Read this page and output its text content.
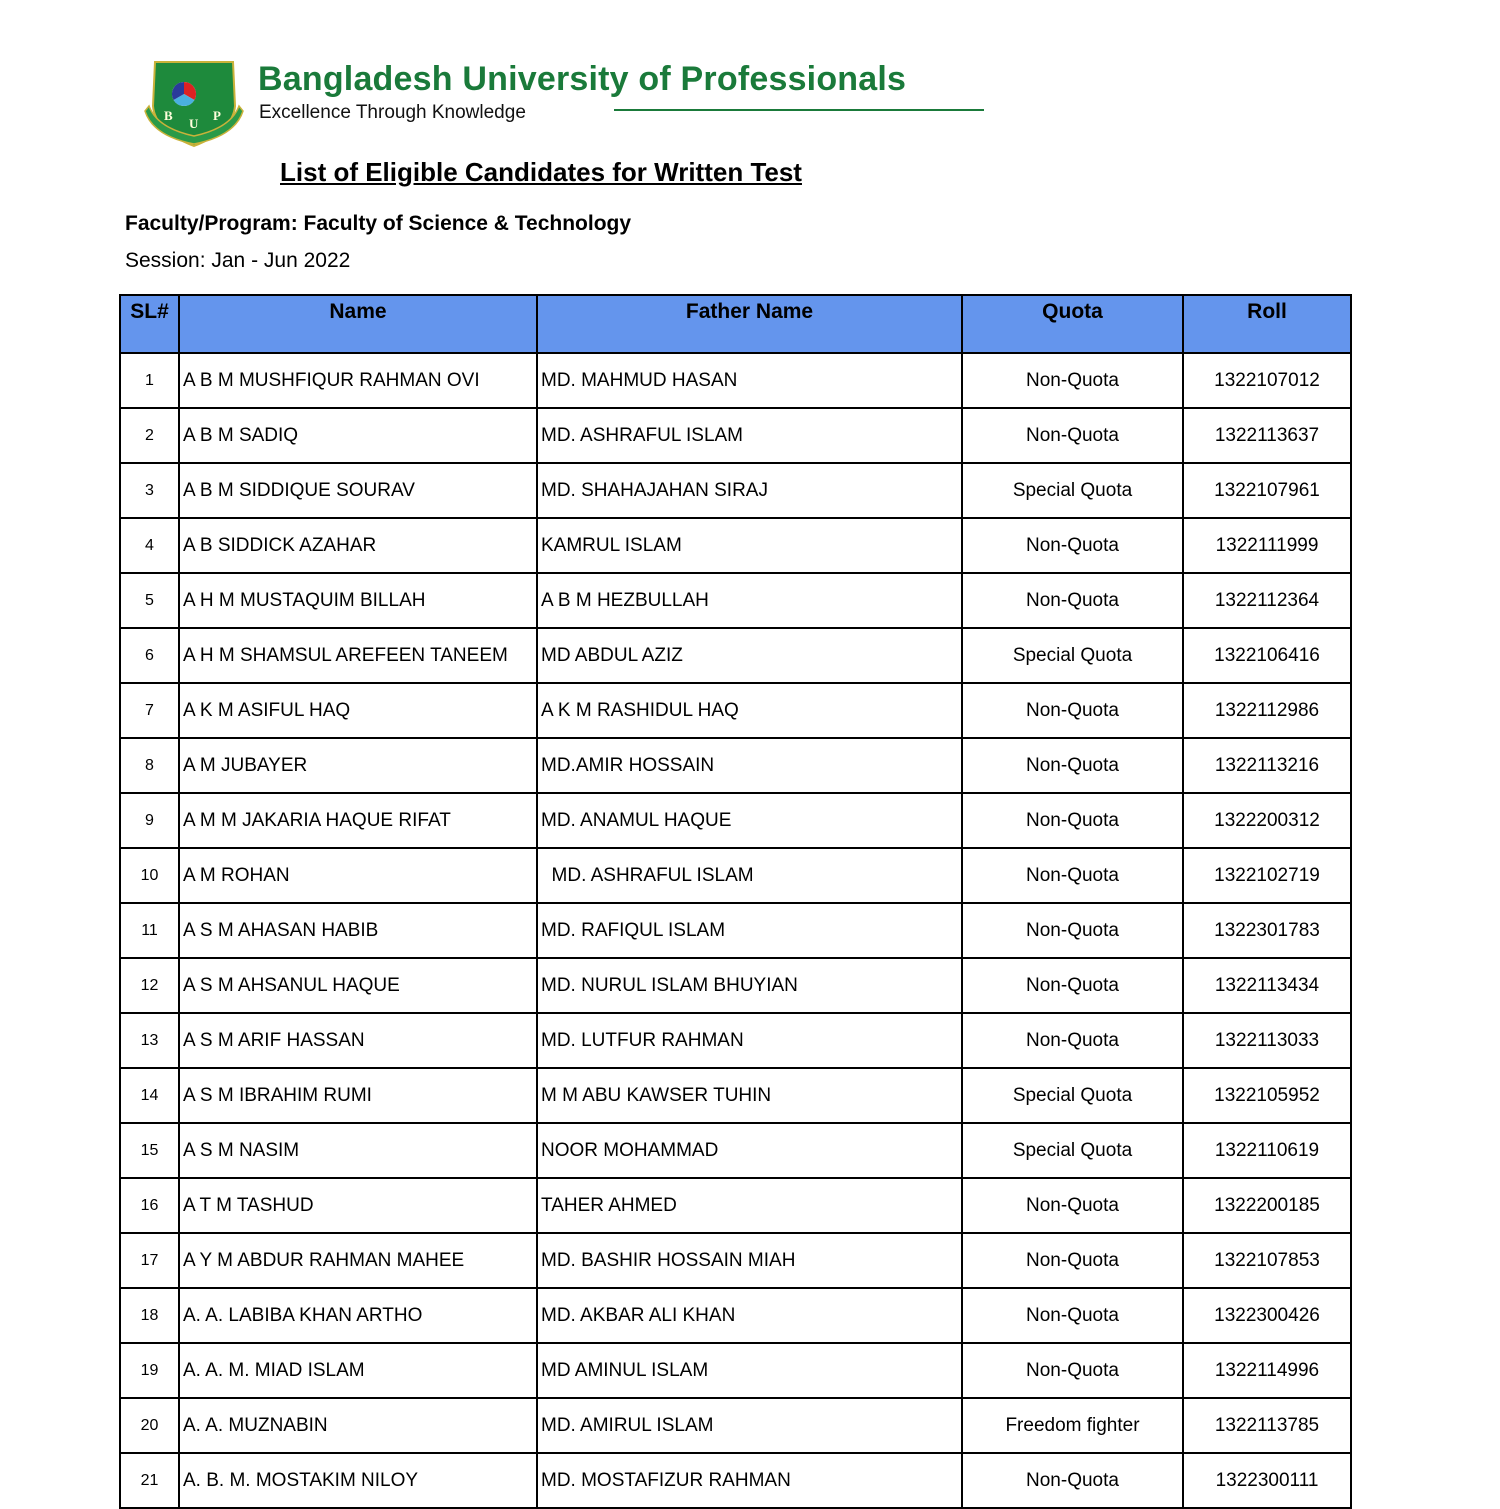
B
U
P
Bangladesh University of Professionals
Excellence Through Knowledge
List of Eligible Candidates for Written Test
Faculty/Program: Faculty of Science & Technology
Session: Jan - Jun 2022
SL#	Name	Father Name	Quota	Roll
1	A B M MUSHFIQUR RAHMAN OVI	MD. MAHMUD HASAN	Non-Quota	1322107012
2	A B M SADIQ	MD. ASHRAFUL ISLAM	Non-Quota	1322113637
3	A B M SIDDIQUE SOURAV	MD. SHAHAJAHAN SIRAJ	Special Quota	1322107961
4	A B SIDDICK AZAHAR	KAMRUL ISLAM	Non-Quota	1322111999
5	A H M MUSTAQUIM BILLAH	A B M HEZBULLAH	Non-Quota	1322112364
6	A H M SHAMSUL AREFEEN TANEEM	MD ABDUL AZIZ	Special Quota	1322106416
7	A K M ASIFUL HAQ	A K M RASHIDUL HAQ	Non-Quota	1322112986
8	A M JUBAYER	MD.AMIR HOSSAIN	Non-Quota	1322113216
9	A M M JAKARIA HAQUE RIFAT	MD. ANAMUL HAQUE	Non-Quota	1322200312
10	A M ROHAN	MD. ASHRAFUL ISLAM	Non-Quota	1322102719
11	A S M AHASAN HABIB	MD. RAFIQUL ISLAM	Non-Quota	1322301783
12	A S M AHSANUL HAQUE	MD. NURUL ISLAM BHUYIAN	Non-Quota	1322113434
13	A S M ARIF HASSAN	MD. LUTFUR RAHMAN	Non-Quota	1322113033
14	A S M IBRAHIM RUMI	M M ABU KAWSER TUHIN	Special Quota	1322105952
15	A S M NASIM	NOOR MOHAMMAD	Special Quota	1322110619
16	A T M TASHUD	TAHER AHMED	Non-Quota	1322200185
17	A Y M ABDUR RAHMAN MAHEE	MD. BASHIR HOSSAIN MIAH	Non-Quota	1322107853
18	A. A. LABIBA KHAN ARTHO	MD. AKBAR ALI KHAN	Non-Quota	1322300426
19	A. A. M. MIAD ISLAM	MD AMINUL ISLAM	Non-Quota	1322114996
20	A. A. MUZNABIN	MD. AMIRUL ISLAM	Freedom fighter	1322113785
21	A. B. M. MOSTAKIM NILOY	MD. MOSTAFIZUR RAHMAN	Non-Quota	1322300111
